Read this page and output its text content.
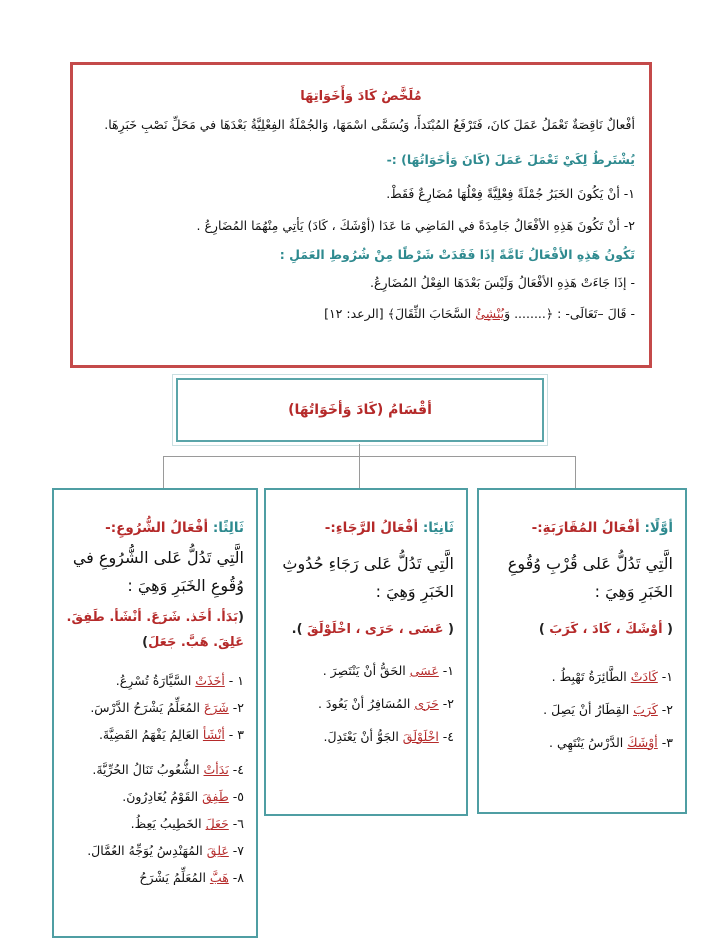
مُلَخَّصُ كَادَ وَأَخَوَاتِهَا
أفْعالٌ نَاقِصَةٌ تَعْمَلُ عَمَلَ كانَ، فَتَرْفَعُ المُبْتَدأَ، وَيُسَمَّى اسْمَهَا، وَالجُمْلَةُ الفِعْلِيَّةُ بَعْدَهَا في مَحَلِّ نَصْبِ خَبَرِهَا.
يُشْتَرطُ لِكَيْ تَعْمَلَ عَمَلَ (كَانَ وَأخَوَاتُهَا) :-
١- أنْ يَكُونَ الخَبَرُ جُمْلَةً فِعْلِيَّةً فِعْلُهَا مُضَارِعٌ فَقَطْ.
٢- أنْ تَكُونَ هَذِهِ الأفْعَالُ جَامِدَةً في المَاضِي مَا عَدَا (أوْشَكَ ، كَادَ) يَأتِي مِنْهُمَا المُضَارِعُ .
تَكُونُ هَذِهِ الأفْعَالُ تَامَّةً إذَا فَقَدَتْ شَرْطًا مِنْ شُرُوطِ العَمَلِ :
- إذَا جَاءَتْ هَذِهِ الأفْعَالُ وَلَيْسَ بَعْدَهَا الفِعْلُ المُضَارِعُ.
- قَالَ –تَعَالَى- : ﴿........ وَيُنْشِئُ السَّحَابَ الثِّقَالَ﴾ [الرعد: ١٢]
أقْسَامُ (كَادَ وَأخَوَاتُهَا)
أوَّلًا: أفْعَالُ المُقَارَبَةِ:-
الَّتِي تَدُلُّ عَلى قُرْبِ وُقُوعِ الخَبَرِ وَهِيَ :
( أوْشَكَ ، كَادَ ، كَرَبَ )
١- كَادَتْ الطَّائِرَةُ تَهْبِطُ .
٢- كَرَبَ القِطَارُ أنْ يَصِلَ .
٣- أوْشَكَ الدَّرْسُ يَنْتَهِي .
ثَانِيًا: أفْعَالُ الرَّجَاءِ:-
الَّتِي تَدُلُّ عَلى رَجَاءِ حُدُوثِ الخَبَرِ وَهِيَ :
( عَسَى ، حَرَى ، اخْلَوْلَقَ ).
١- عَسَى الحَقُّ أنْ يَنْتَصِرَ .
٢- حَرَى المُسَافِرُ أنْ يَعُودَ .
٤- اخْلَوْلَقَ الجَوُّ أنْ يَعْتَدِلَ.
ثَالِثًا: أفْعَالُ الشُّرُوعِ:-
الَّتِي تَدُلُّ عَلى الشُّرُوعِ في وُقُوعِ الخَبَرِ وَهِيَ :
(بَدَأ. أخَذ. شَرَعَ. أنْشَأ. طَفِقَ. عَلِقَ. هَبَّ. جَعَلَ)
١ - أخَذَتْ السَّيَّارَةُ تُسْرِعُ.
٢- شَرَعَ المُعَلِّمُ يَشْرَحُ الدَّرْسَ.
٣ - أنْشَأ العَالِمُ يَفْهَمُ القَضِيَّةَ.
٤- بَدَأتْ الشُّعُوبُ تَنَالُ الحُرِّيَّةَ.
٥- طَفِقَ القَوْمُ يُغَادِرُونَ.
٦- جَعَلَ الخَطِيبُ يَعِظُ.
٧- عَلِقَ المُهَنْدِسُ يُوَجِّهُ العُمَّالَ.
٨- هَبَّ المُعَلِّمُ يَشْرَحُ
